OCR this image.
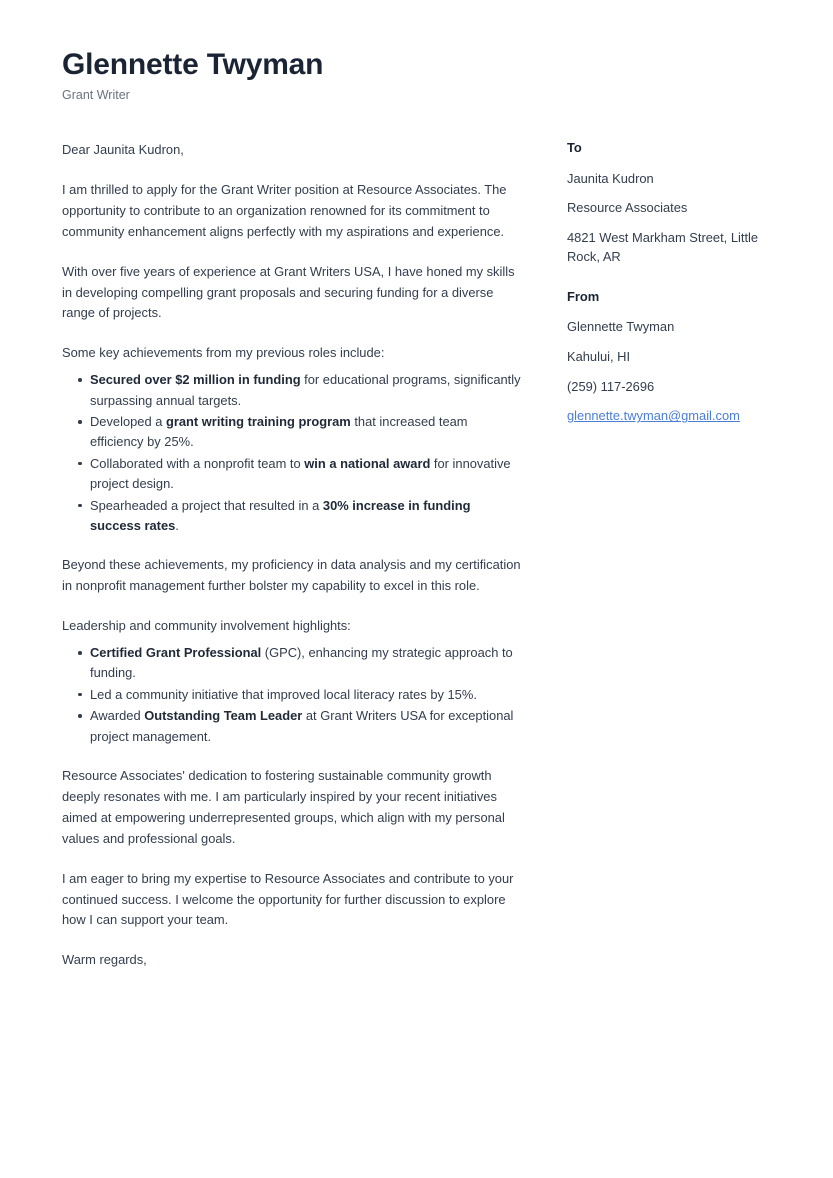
Glennette Twyman
Grant Writer

Dear Jaunita Kudron,

I am thrilled to apply for the Grant Writer position at Resource Associates. The opportunity to contribute to an organization renowned for its commitment to community enhancement aligns perfectly with my aspirations and experience.

With over five years of experience at Grant Writers USA, I have honed my skills in developing compelling grant proposals and securing funding for a diverse range of projects.

Some key achievements from my previous roles include:

Secured over $2 million in funding for educational programs, significantly surpassing annual targets.
Developed a grant writing training program that increased team efficiency by 25%.
Collaborated with a nonprofit team to win a national award for innovative project design.
Spearheaded a project that resulted in a 30% increase in funding success rates.

Beyond these achievements, my proficiency in data analysis and my certification in nonprofit management further bolster my capability to excel in this role.

Leadership and community involvement highlights:

Certified Grant Professional (GPC), enhancing my strategic approach to funding.
Led a community initiative that improved local literacy rates by 15%.
Awarded Outstanding Team Leader at Grant Writers USA for exceptional project management.

Resource Associates' dedication to fostering sustainable community growth deeply resonates with me. I am particularly inspired by your recent initiatives aimed at empowering underrepresented groups, which align with my personal values and professional goals.

I am eager to bring my expertise to Resource Associates and contribute to your continued success. I welcome the opportunity for further discussion to explore how I can support your team.

Warm regards,

To
Jaunita Kudron
Resource Associates
4821 West Markham Street, Little Rock, AR
From
Glennette Twyman
Kahului, HI
(259) 117-2696
glennette.twyman@gmail.com
